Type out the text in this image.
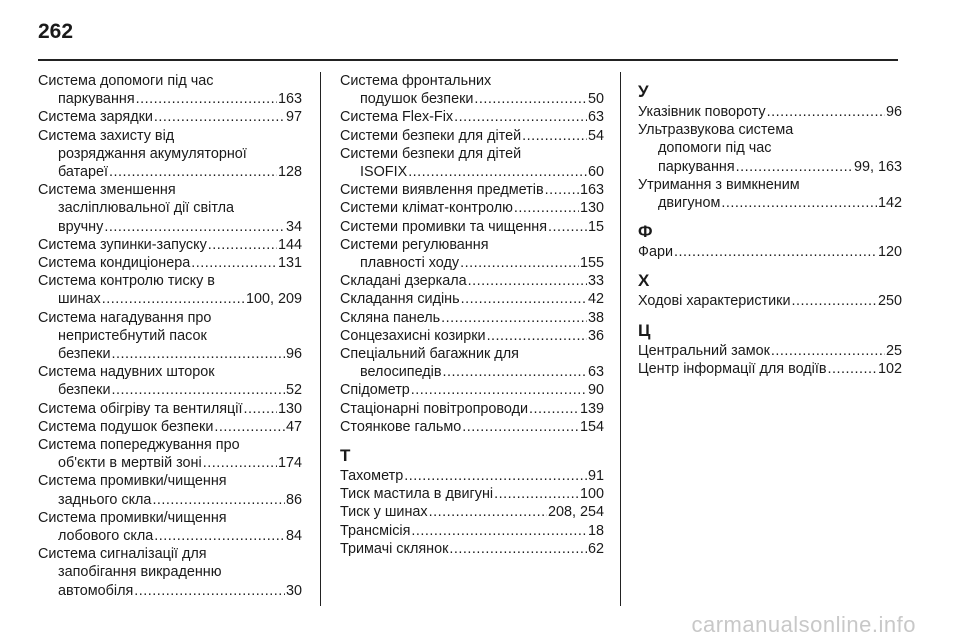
262
Система допомоги під час
паркування .....	163
Система зарядки .....	97
Система захисту від
розряджання акумуляторної
батареї .....	128
Система зменшення
засліплювальної дії світла
вручну .....	34
Система зупинки-запуску .....	144
Система кондиціонера .....	131
Система контролю тиску в
шинах .....	100, 209
Система нагадування про
непристебнутий пасок
безпеки .....	96
Система надувних шторок
безпеки .....	52
Система обігріву та вентиляції ..... 130
Система подушок безпеки .....	47
Система попереджування про
об'єкти в мертвій зоні .....	174
Система промивки/чищення
заднього скла .....	86
Система промивки/чищення
лобового скла .....	84
Система сигналізації для
запобігання викраденню
автомобіля .....	30
Система фронтальних
подушок безпеки .....	50
Система Flex-Fix .....	63
Системи безпеки для дітей .....	54
Системи безпеки для дітей
ISOFIX .....	60
Системи виявлення предметів .....	163
Системи клімат-контролю .....	130
Системи промивки та чищення .....	15
Системи регулювання
плавності ходу .....	155
Складані дзеркала .....	33
Складання сидінь .....	42
Скляна панель .....	38
Сонцезахисні козирки .....	36
Спеціальний багажник для
велосипедів .....	63
Спідометр .....	90
Стаціонарні повітропроводи .....	139
Стоянкове гальмо .....	154
Т
Тахометр .....	91
Тиск мастила в двигуні .....	100
Тиск у шинах .....	208, 254
Трансмісія .....	18
Тримачі склянок .....	62
У
Указівник повороту .....	96
Ультразвукова система
допомоги під час
паркування .....	99, 163
Утримання з вимкненим
двигуном .....	142
Ф
Фари .....	120
Х
Ходові характеристики .....	250
Ц
Центральний замок .....	25
Центр інформації для водіїв .....	102
carmanualsonline.info
